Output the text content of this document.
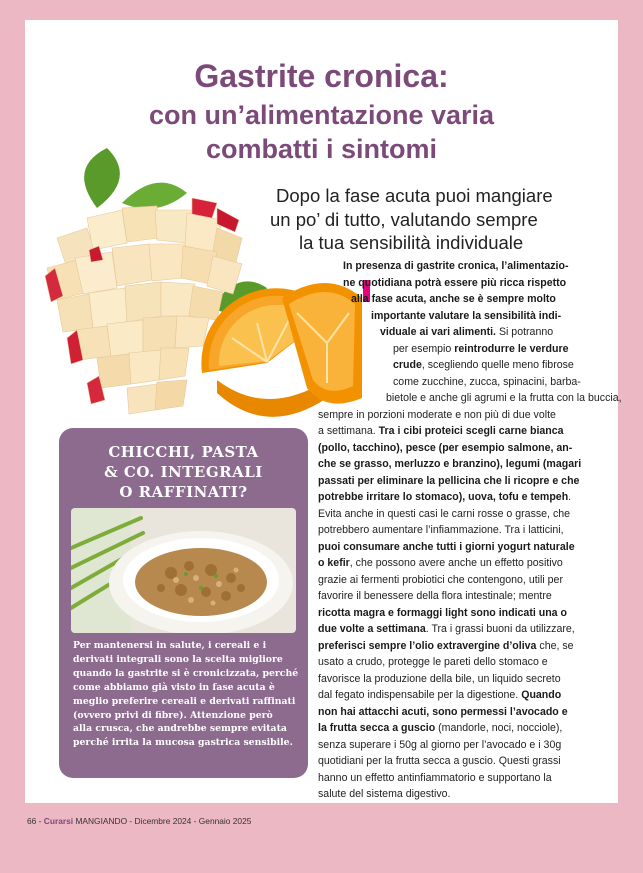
Gastrite cronica:
con un’alimentazione varia
combatti i sintomi
Dopo la fase acuta puoi mangiare
un po’ di tutto, valutando sempre
la tua sensibilità individuale
In presenza di gastrite cronica, l’alimentazio-
ne quotidiana potrà essere più ricca rispetto
alla fase acuta, anche se è sempre molto
importante valutare la sensibilità indi-
viduale ai vari alimenti. Si potranno
per esempio reintrodurre le verdure
crude, scegliendo quelle meno fibrose
come zucchine, zucca, spinacini, barba-
bietole e anche gli agrumi e la frutta con la buccia,
sempre in porzioni moderate e non più di due volte
a settimana. Tra i cibi proteici scegli carne bianca
(pollo, tacchino), pesce (per esempio salmone, an-
che se grasso, merluzzo e branzino), legumi (magari
passati per eliminare la pellicina che li ricopre e che
potrebbe irritare lo stomaco), uova, tofu e tempeh.
Evita anche in questi casi le carni rosse o grasse, che
potrebbero aumentare l’infiammazione. Tra i latticini,
puoi consumare anche tutti i giorni yogurt naturale
o kefir, che possono avere anche un effetto positivo
grazie ai fermenti probiotici che contengono, utili per
favorire il benessere della flora intestinale; mentre
ricotta magra e formaggi light sono indicati una o
due volte a settimana. Tra i grassi buoni da utilizzare,
preferisci sempre l’olio extravergine d’oliva che, se
usato a crudo, protegge le pareti dello stomaco e
favorisce la produzione della bile, un liquido secreto
dal fegato indispensabile per la digestione. Quando
non hai attacchi acuti, sono permessi l’avocado e
la frutta secca a guscio (mandorle, noci, nocciole),
senza superare i 50g al giorno per l’avocado e i 30g
quotidiani per la frutta secca a guscio. Questi grassi
hanno un effetto antinfiammatorio e supportano la
salute del sistema digestivo.
CHICCHI, PASTA
& CO. INTEGRALI
O RAFFINATI?
Per mantenersi in salute, i cereali e i
derivati integrali sono la scelta migliore
quando la gastrite si è cronicizzata, perché
come abbiamo già visto in fase acuta è
meglio preferire cereali e derivati raffinati
(ovvero privi di fibre). Attenzione però
alla crusca, che andrebbe sempre evitata
perché irrita la mucosa gastrica sensibile.
66 - Curarsi MANGIANDO - Dicembre 2024 - Gennaio 2025
